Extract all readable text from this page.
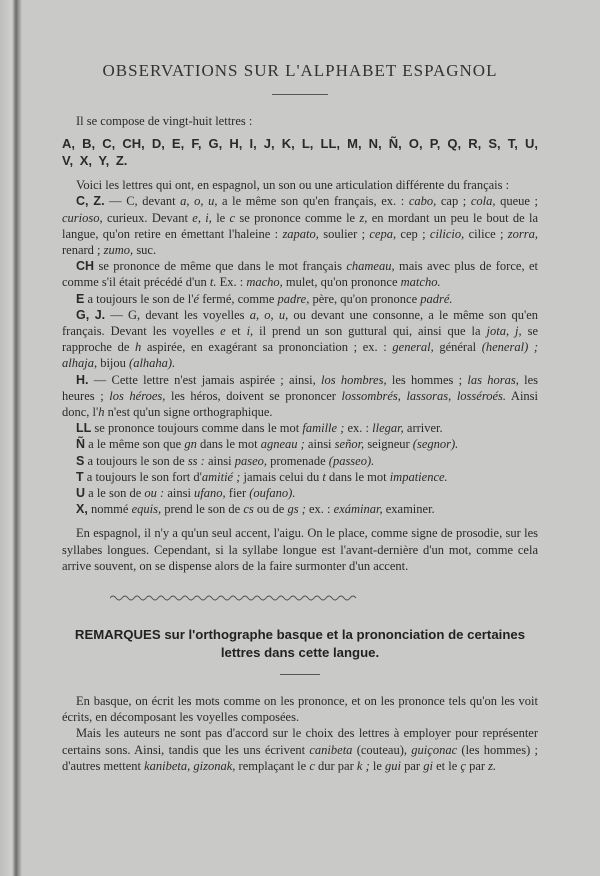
OBSERVATIONS SUR L'ALPHABET ESPAGNOL

Il se compose de vingt-huit lettres :

A, B, C, CH, D, E, F, G, H, I, J, K, L, LL, M, N, Ñ, O, P, Q, R, S, T, U, V, X, Y, Z.

Voici les lettres qui ont, en espagnol, un son ou une articulation différente du français :

C, Z. — C, devant a, o, u, a le même son qu'en français, ex. : cabo, cap ; cola, queue ; curioso, curieux. Devant e, i, le c se prononce comme le z, en mordant un peu le bout de la langue, qu'on retire en émettant l'haleine : zapato, soulier ; cepa, cep ; cilicio, cilice ; zorra, renard ; zumo, suc.

CH se prononce de même que dans le mot français chameau, mais avec plus de force, et comme s'il était précédé d'un t. Ex. : macho, mulet, qu'on prononce matcho.

E a toujours le son de l'é fermé, comme padre, père, qu'on prononce padré.

G, J. — G, devant les voyelles a, o, u, ou devant une consonne, a le même son qu'en français. Devant les voyelles e et i, il prend un son guttural qui, ainsi que la jota, j, se rapproche de h aspirée, en exagérant sa prononciation ; ex. : general, général (heneral) ; alhaja, bijou (alhaha).

H. — Cette lettre n'est jamais aspirée ; ainsi, los hombres, les hommes ; las horas, les heures ; los héroes, les héros, doivent se prononcer lossombrés, lassoras, losséroés. Ainsi donc, l'h n'est qu'un signe orthographique.

LL se prononce toujours comme dans le mot famille ; ex. : llegar, arriver.

Ñ a le même son que gn dans le mot agneau ; ainsi señor, seigneur (segnor).

S a toujours le son de ss : ainsi paseo, promenade (passeo).

T a toujours le son fort d'amitié ; jamais celui du t dans le mot impatience.

U a le son de ou : ainsi ufano, fier (oufano).

X, nommé equis, prend le son de cs ou de gs ; ex. : exáminar, examiner.

En espagnol, il n'y a qu'un seul accent, l'aigu. On le place, comme signe de prosodie, sur les syllabes longues. Cependant, si la syllabe longue est l'avant-dernière d'un mot, comme cela arrive souvent, on se dispense alors de la faire surmonter d'un accent.

REMARQUES sur l'orthographe basque et la prononciation de certaines lettres dans cette langue.

En basque, on écrit les mots comme on les prononce, et on les prononce tels qu'on les voit écrits, en décomposant les voyelles composées.

Mais les auteurs ne sont pas d'accord sur le choix des lettres à employer pour représenter certains sons. Ainsi, tandis que les uns écrivent canibeta (couteau), guiçonac (les hommes) ; d'autres mettent kanibeta, gizonak, remplaçant le c dur par k ; le gui par gi et le ç par z.
